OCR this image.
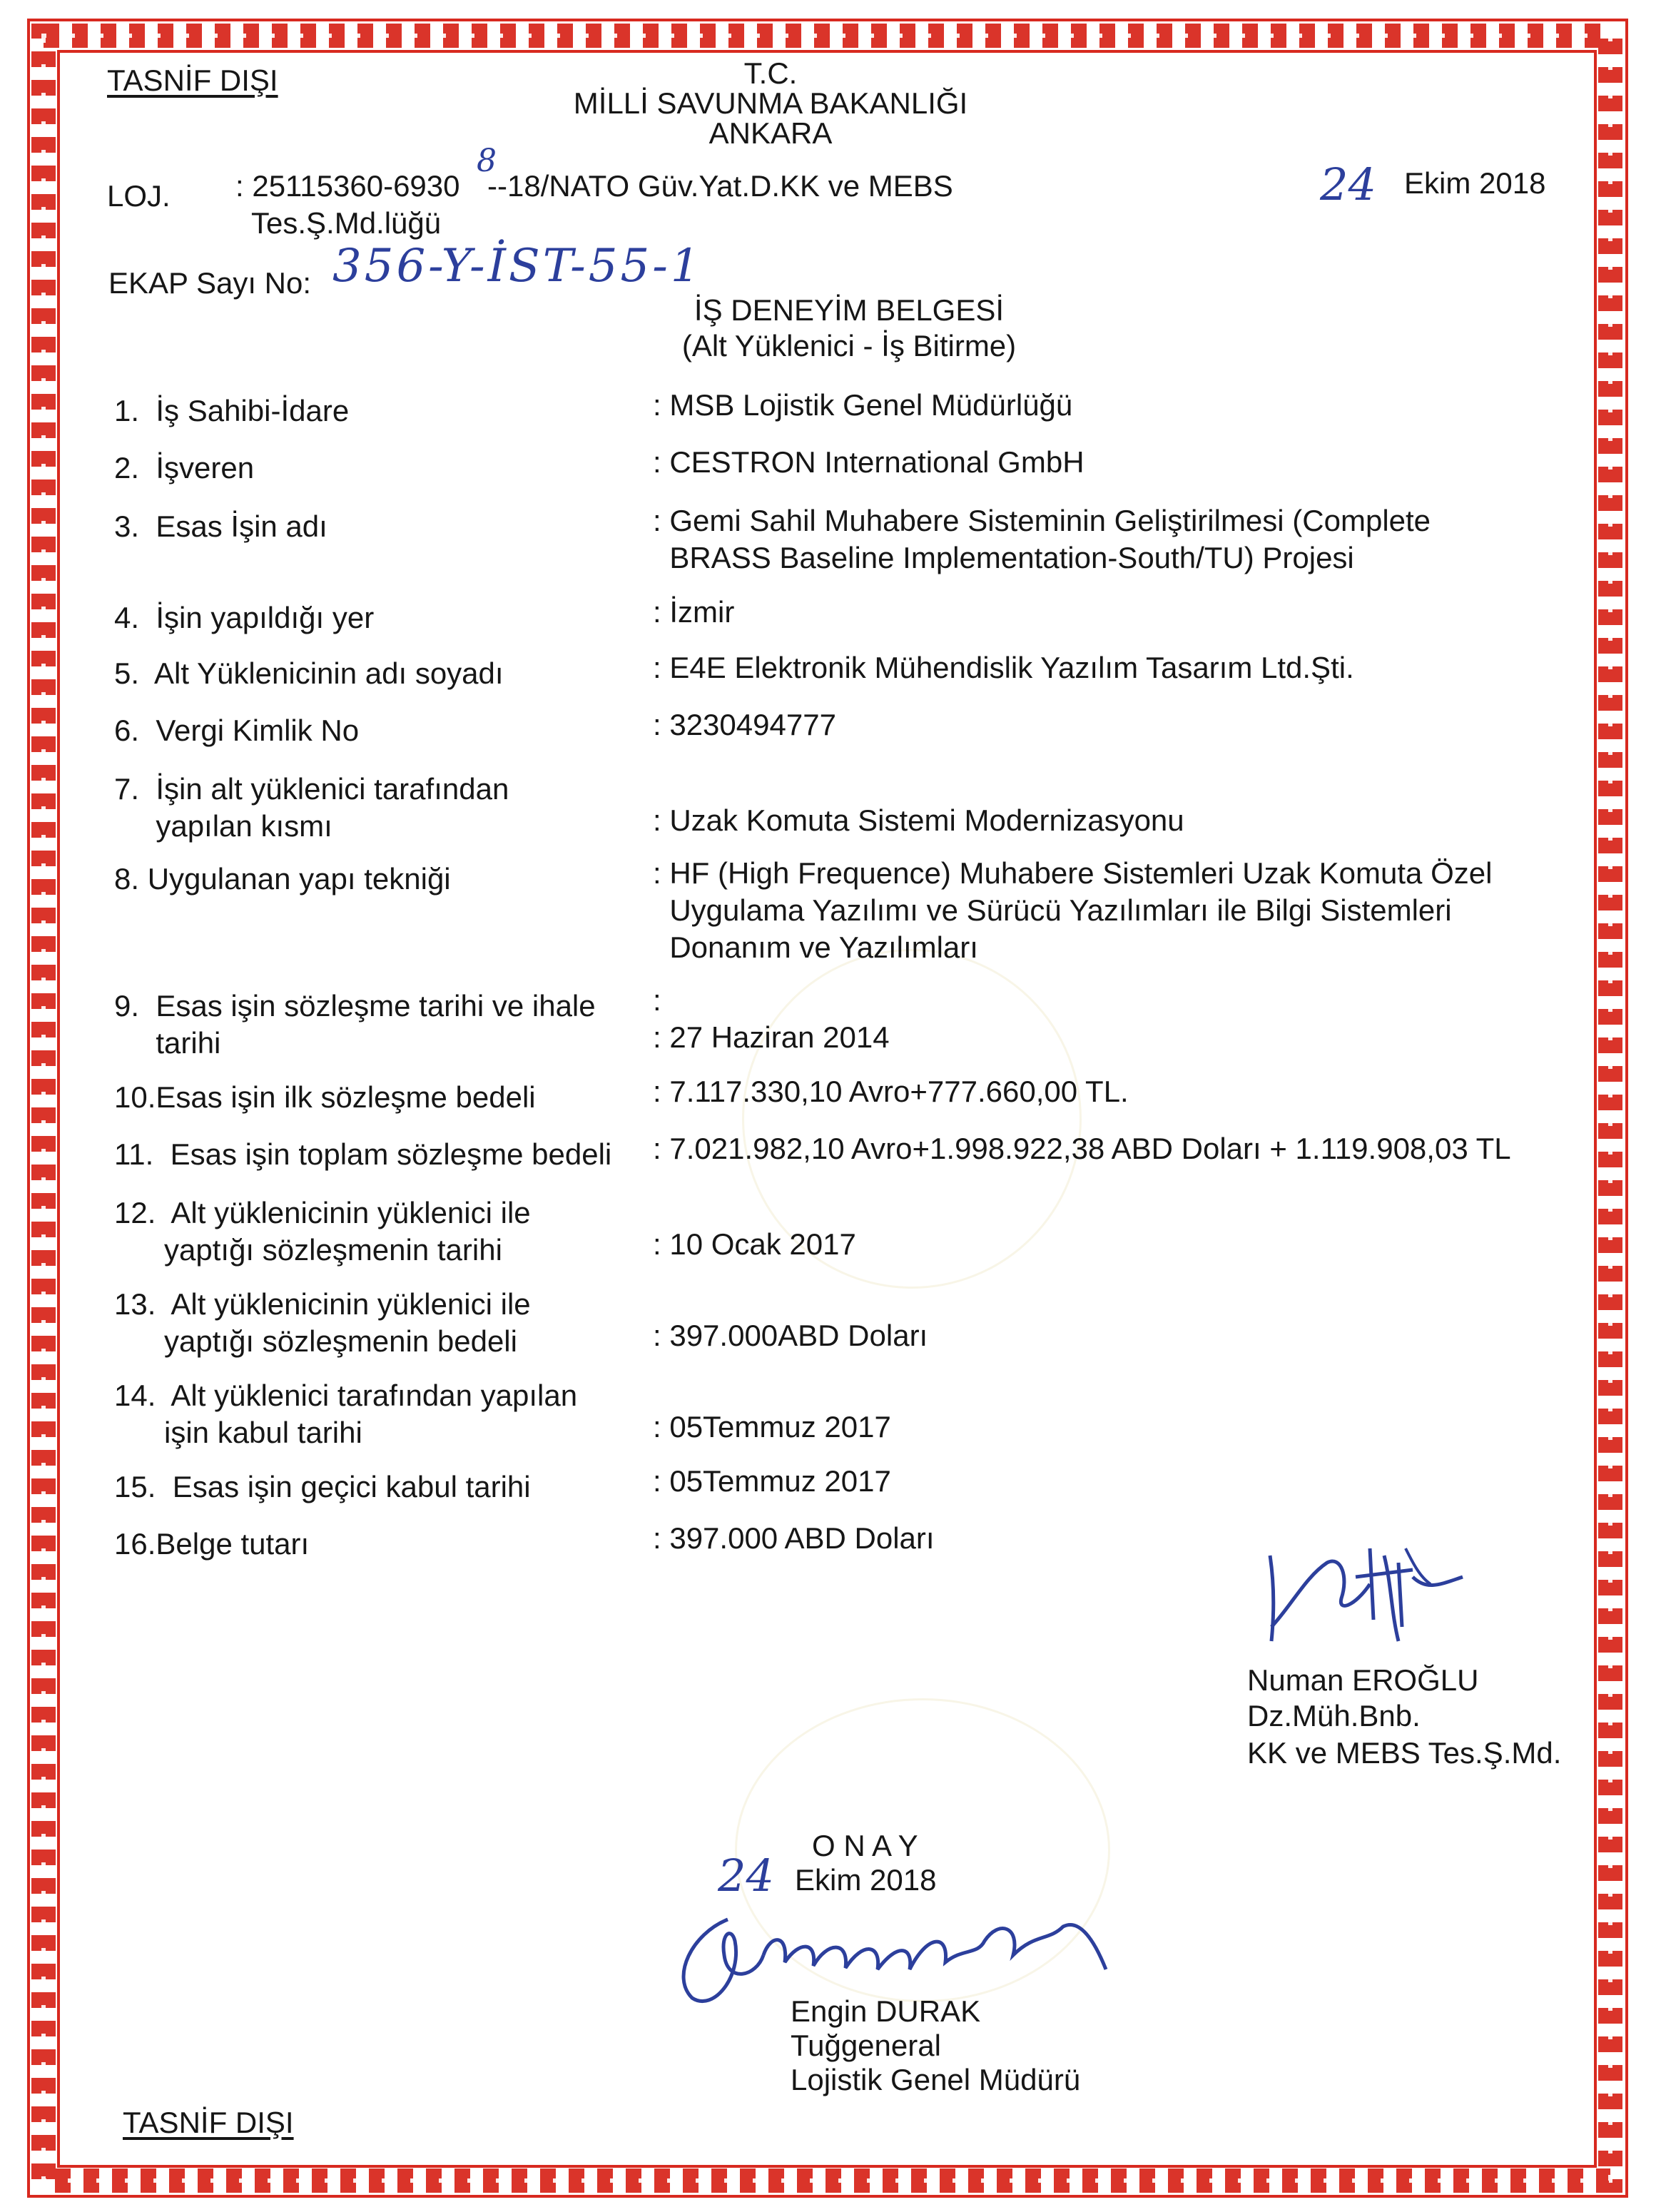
TASNİF DIŞI	T.C.
MİLLİ SAVUNMA BAKANLIĞI
ANKARA
LOJ. : 25115360-6930
8
--18/NATO Güv.Yat.D.KK ve MEBS
Tes.Ş.Md.lüğü
24 Ekim 2018
EKAP Sayı No: 356-Y-İST-55-1
İŞ DENEYİM BELGESİ
(Alt Yüklenici - İş Bitirme)
1.  İş Sahibi-İdare	: MSB Lojistik Genel Müdürlüğü
2.  İşveren	: CESTRON International GmbH
3.  Esas İşin adı	: Gemi Sahil Muhabere Sisteminin Geliştirilmesi (Complete
BRASS Baseline Implementation-South/TU) Projesi
4.  İşin yapıldığı yer	: İzmir
5.  Alt Yüklenicinin adı soyadı	: E4E Elektronik Mühendislik Yazılım Tasarım Ltd.Şti.
6.  Vergi Kimlik No	: 3230494777
7.  İşin alt yüklenici tarafından
yapılan kısmı	: Uzak Komuta Sistemi Modernizasyonu
8. Uygulanan yapı tekniği	: HF (High Frequence) Muhabere Sistemleri Uzak Komuta Özel
Uygulama Yazılımı ve Sürücü Yazılımları ile Bilgi Sistemleri
Donanım ve Yazılımları
9.  Esas işin sözleşme tarihi ve ihale
tarihi
:
: 27 Haziran 2014
10.Esas işin ilk sözleşme bedeli	: 7.117.330,10 Avro+777.660,00 TL.
11.  Esas işin toplam sözleşme bedeli : 7.021.982,10 Avro+1.998.922,38 ABD Doları + 1.119.908,03 TL
12.  Alt yüklenicinin yüklenici ile
yaptığı sözleşmenin tarihi	: 10 Ocak 2017
13.  Alt yüklenicinin yüklenici ile
yaptığı sözleşmenin bedeli	: 397.000ABD Doları
14.  Alt yüklenici tarafından yapılan
işin kabul tarihi	: 05Temmuz 2017
15.  Esas işin geçici kabul tarihi	: 05Temmuz 2017
16.Belge tutarı	: 397.000 ABD Doları
Numan EROĞLU
Dz.Müh.Bnb.
KK ve MEBS Tes.Ş.Md.
O N A Y
24 Ekim 2018
Engin DURAK
Tuğgeneral
Lojistik Genel Müdürü
TASNİF DIŞI
